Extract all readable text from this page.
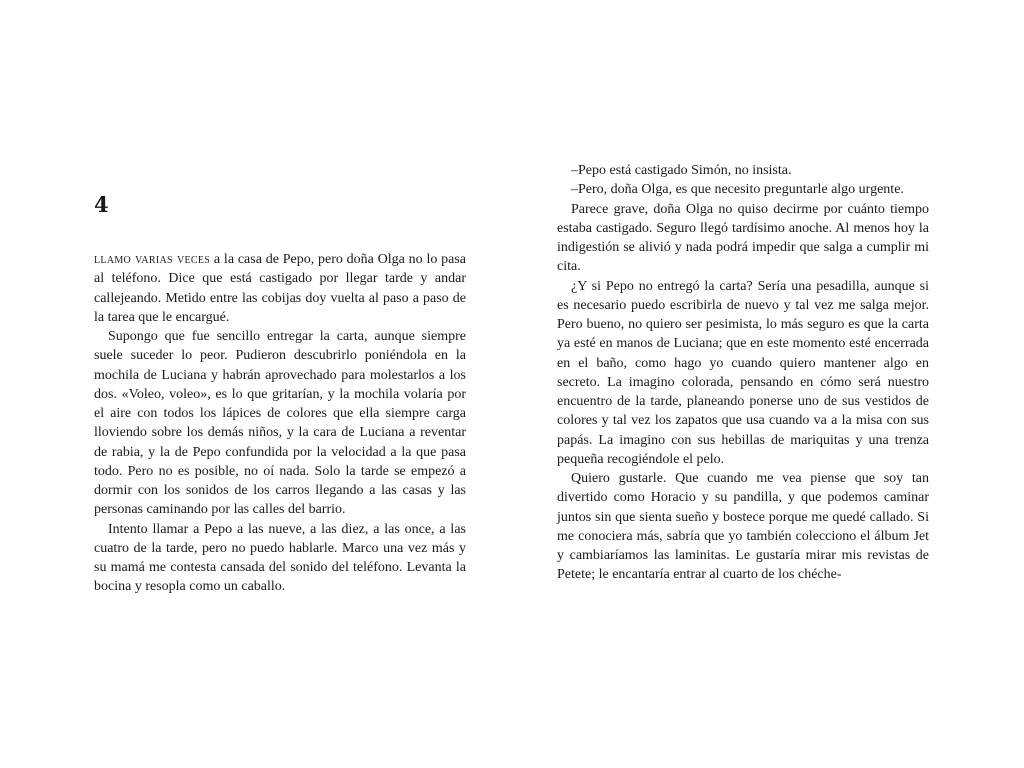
4

llamo varias veces a la casa de Pepo, pero doña Olga no lo pasa al teléfono. Dice que está castigado por llegar tarde y andar callejeando. Metido entre las cobijas doy vuelta al paso a paso de la tarea que le encargué.

Supongo que fue sencillo entregar la carta, aunque siempre suele suceder lo peor. Pudieron descubrirlo poniéndola en la mochila de Luciana y habrán aprovechado para molestarlos a los dos. «Voleo, voleo», es lo que gritarían, y la mochila volaría por el aire con todos los lápices de colores que ella siempre carga lloviendo sobre los demás niños, y la cara de Luciana a reventar de rabia, y la de Pepo confundida por la velocidad a la que pasa todo. Pero no es posible, no oí nada. Solo la tarde se empezó a dormir con los sonidos de los carros llegando a las casas y las personas caminando por las calles del barrio.

Intento llamar a Pepo a las nueve, a las diez, a las once, a las cuatro de la tarde, pero no puedo hablarle. Marco una vez más y su mamá me contesta cansada del sonido del teléfono. Levanta la bocina y resopla como un caballo.

–Pepo está castigado Simón, no insista.

–Pero, doña Olga, es que necesito preguntarle algo urgente.

Parece grave, doña Olga no quiso decirme por cuánto tiempo estaba castigado. Seguro llegó tardísimo anoche. Al menos hoy la indigestión se alivió y nada podrá impedir que salga a cumplir mi cita.

¿Y si Pepo no entregó la carta? Sería una pesadilla, aunque si es necesario puedo escribirla de nuevo y tal vez me salga mejor. Pero bueno, no quiero ser pesimista, lo más seguro es que la carta ya esté en manos de Luciana; que en este momento esté encerrada en el baño, como hago yo cuando quiero mantener algo en secreto. La imagino colorada, pensando en cómo será nuestro encuentro de la tarde, planeando ponerse uno de sus vestidos de colores y tal vez los zapatos que usa cuando va a la misa con sus papás. La imagino con sus hebillas de mariquitas y una trenza pequeña recogiéndole el pelo.

Quiero gustarle. Que cuando me vea piense que soy tan divertido como Horacio y su pandilla, y que podemos caminar juntos sin que sienta sueño y bostece porque me quedé callado. Si me conociera más, sabría que yo también colecciono el álbum Jet y cambiaríamos las laminitas. Le gustaría mirar mis revistas de Petete; le encantaría entrar al cuarto de los chéche-
